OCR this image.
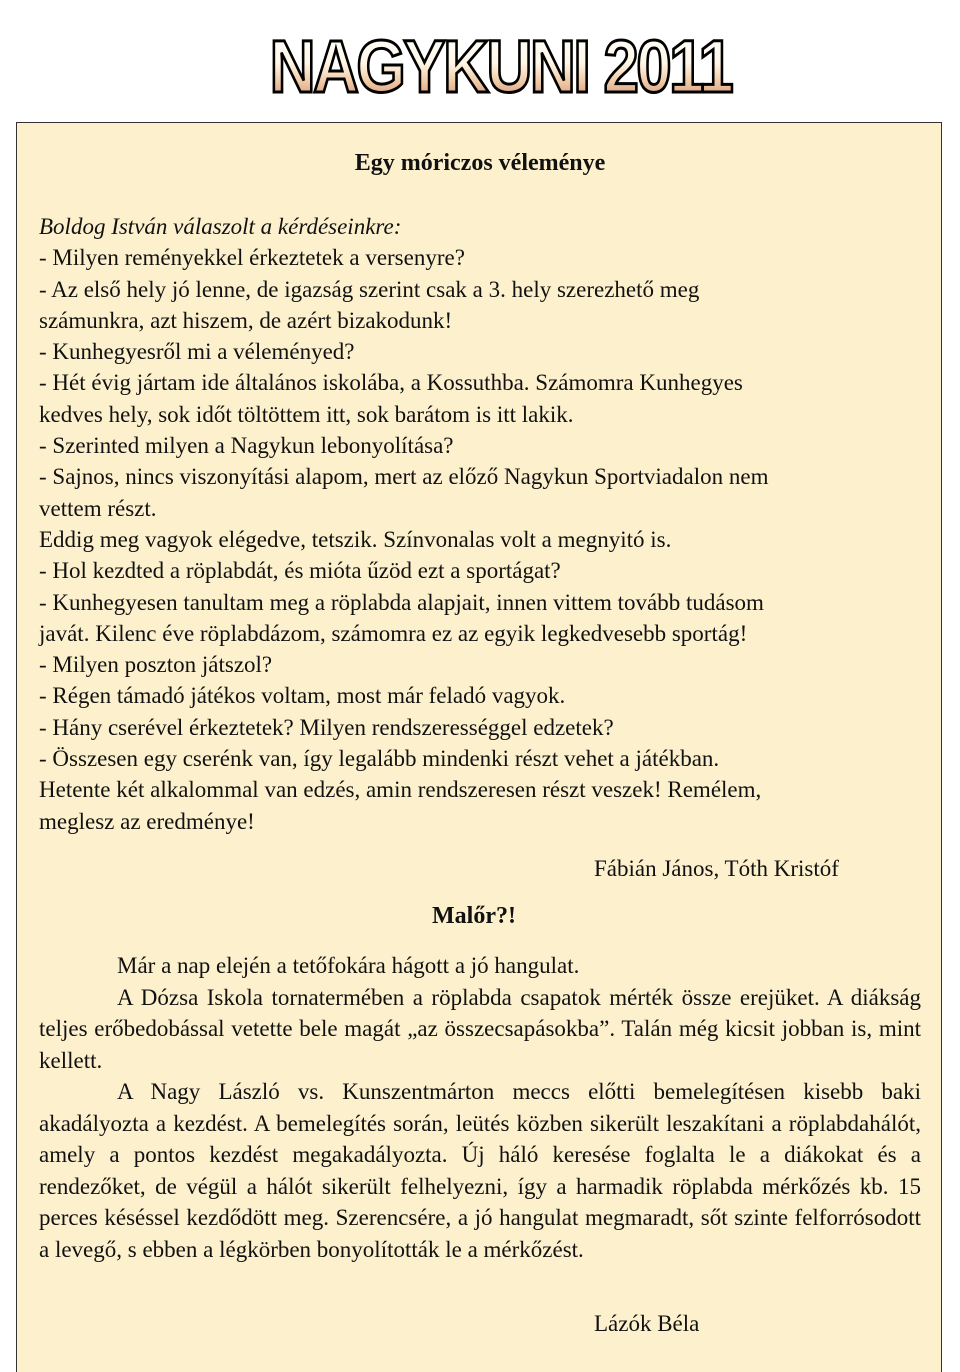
NAGYKUNI 2011
Egy móriczos véleménye
Boldog István válaszolt a kérdéseinkre:
- Milyen reményekkel érkeztetek a versenyre?
- Az első hely jó lenne, de igazság szerint csak a 3. hely szerezhető meg
számunkra, azt hiszem, de azért bizakodunk!
- Kunhegyesről mi a véleményed?
- Hét évig jártam ide általános iskolába, a Kossuthba. Számomra Kunhegyes
kedves hely, sok időt töltöttem itt, sok barátom is itt lakik.
- Szerinted milyen a Nagykun lebonyolítása?
- Sajnos, nincs viszonyítási alapom, mert az előző Nagykun Sportviadalon nem
vettem részt.
Eddig meg vagyok elégedve, tetszik. Színvonalas volt a megnyitó is.
- Hol kezdted a röplabdát, és mióta űzöd ezt a sportágat?
- Kunhegyesen tanultam meg a röplabda alapjait, innen vittem tovább tudásom
javát. Kilenc éve röplabdázom, számomra ez az egyik legkedvesebb sportág!
- Milyen poszton játszol?
- Régen támadó játékos voltam, most már feladó vagyok.
- Hány cserével érkeztetek? Milyen rendszerességgel edzetek?
- Összesen egy cserénk van, így legalább mindenki részt vehet a játékban.
Hetente két alkalommal van edzés, amin rendszeresen részt veszek! Remélem,
meglesz az eredménye!
Fábián János, Tóth Kristóf
Malőr?!

Már a nap elején a tetőfokára hágott a jó hangulat.

A Dózsa Iskola tornatermében a röplabda csapatok mérték össze erejüket. A diákság teljes erőbedobással vetette bele magát „az összecsapásokba”. Talán még kicsit jobban is, mint kellett.

A Nagy László vs. Kunszentmárton meccs előtti bemelegítésen kisebb baki akadályozta a kezdést. A bemelegítés során, leütés közben sikerült leszakítani a röplabdahálót, amely a pontos kezdést megakadályozta. Új háló keresése foglalta le a diákokat és a rendezőket, de végül a hálót sikerült felhelyezni, így a harmadik röplabda mérkőzés kb. 15 perces késéssel kezdődött meg. Szerencsére, a jó hangulat megmaradt, sőt szinte felforrósodott a levegő, s ebben a légkörben bonyolították le a mérkőzést.

Lázók Béla
